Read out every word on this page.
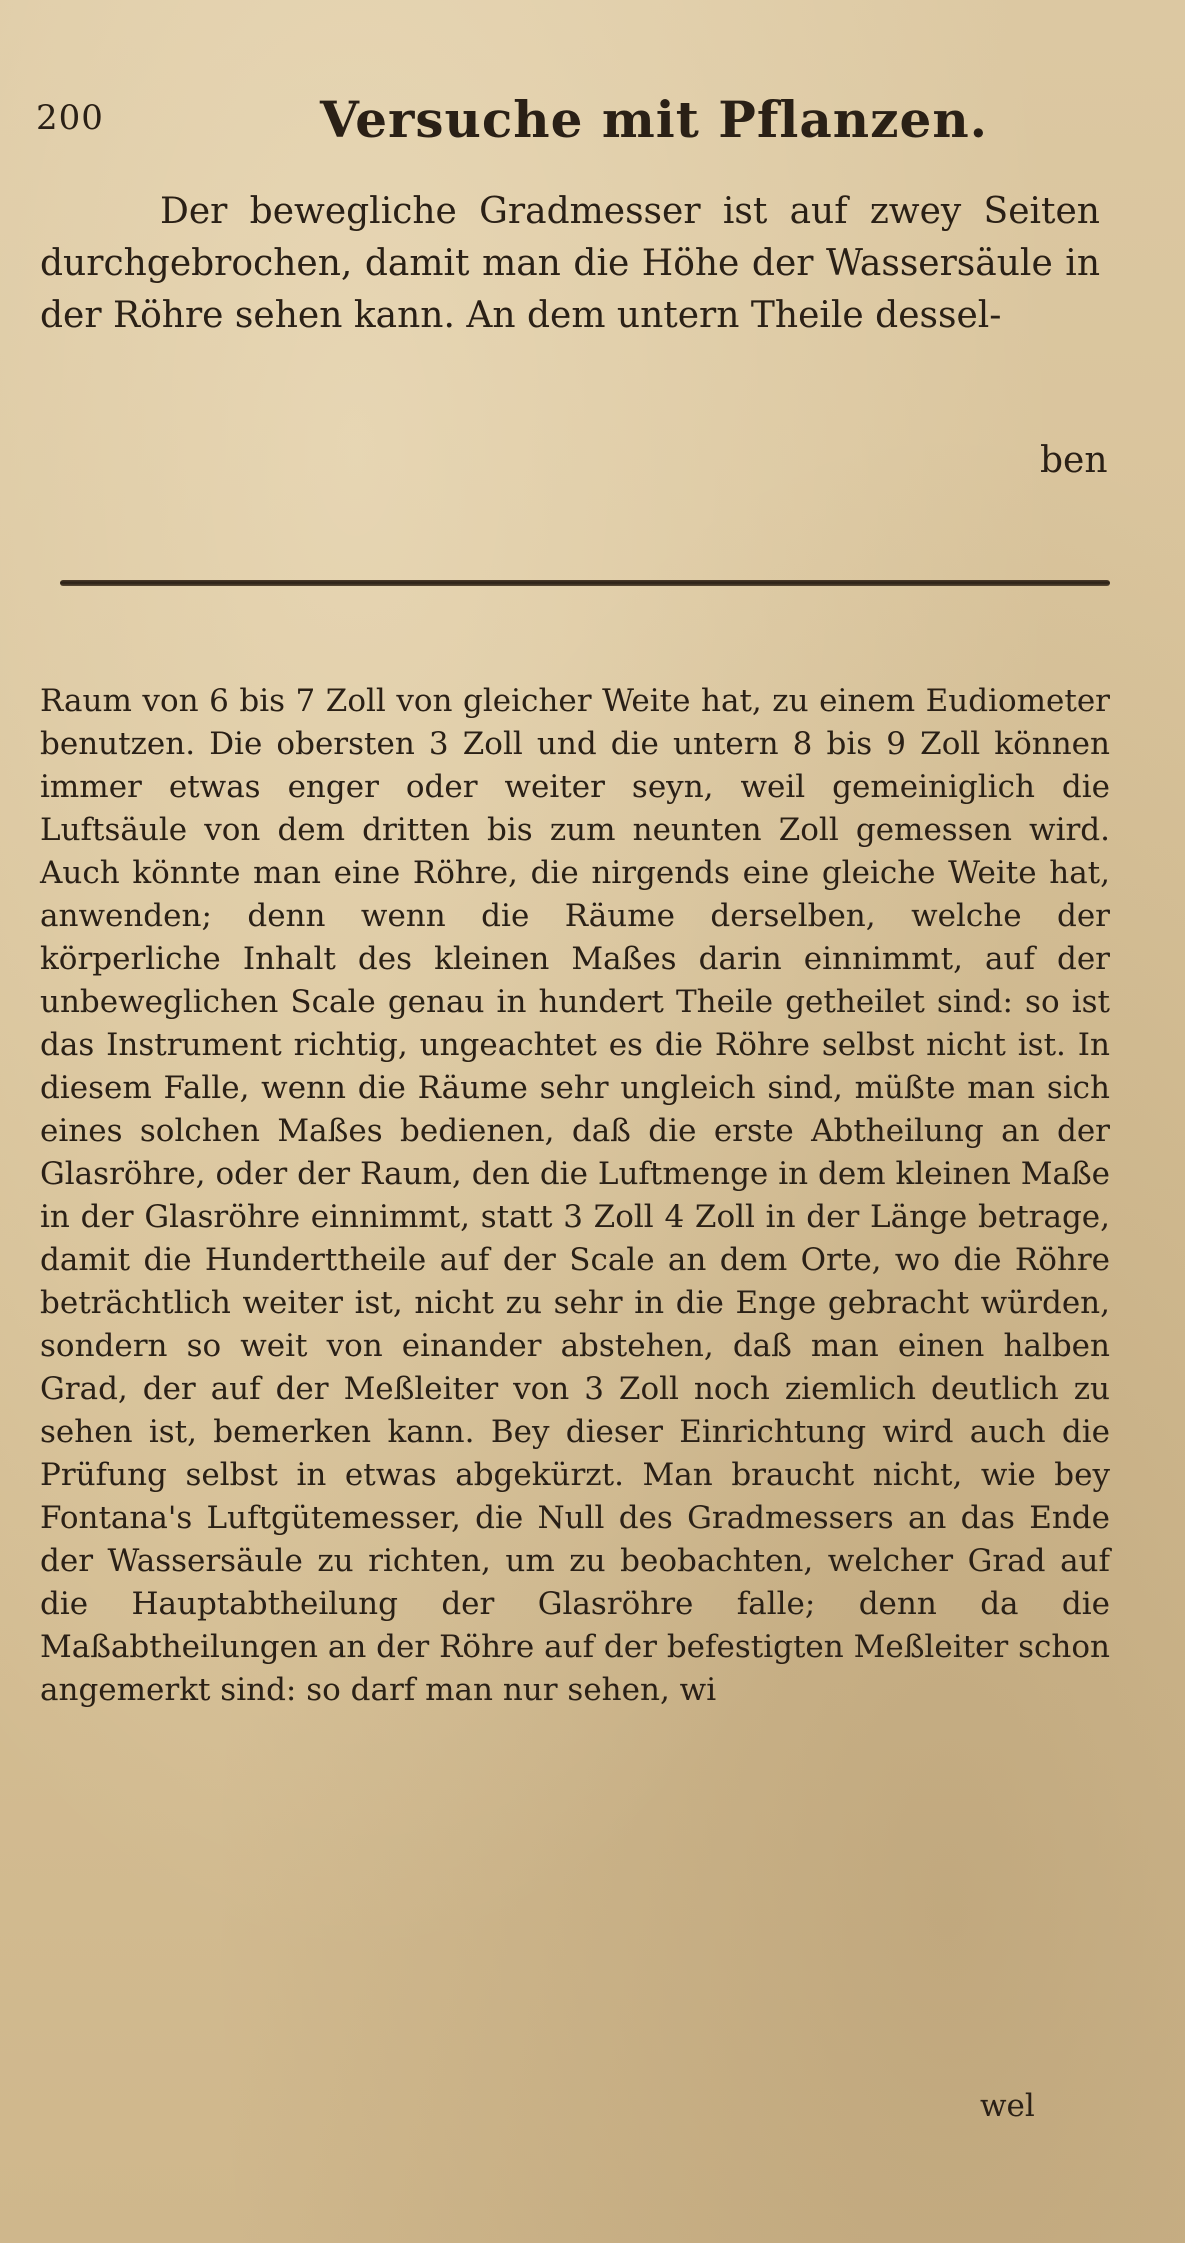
200	Versuche mit Pflanzen.
Der bewegliche Gradmesser ist auf zwey Seiten durchgebrochen, damit man die Höhe der Wassersäule in der Röhre sehen kann. An dem untern Theile dessel-
ben
Raum von 6 bis 7 Zoll von gleicher Weite hat, zu einem Eudiometer benutzen. Die obersten 3 Zoll und die untern 8 bis 9 Zoll können immer etwas enger oder weiter seyn, weil gemeiniglich die Luftsäule von dem dritten bis zum neunten Zoll gemessen wird. Auch könnte man eine Röhre, die nirgends eine gleiche Weite hat, anwenden; denn wenn die Räume derselben, welche der körperliche Inhalt des kleinen Maßes darin einnimmt, auf der unbeweglichen Scale genau in hundert Theile getheilet sind: so ist das Instrument richtig, ungeachtet es die Röhre selbst nicht ist. In diesem Falle, wenn die Räume sehr ungleich sind, müßte man sich eines solchen Maßes bedienen, daß die erste Abtheilung an der Glasröhre, oder der Raum, den die Luftmenge in dem kleinen Maße in der Glasröhre einnimmt, statt 3 Zoll 4 Zoll in der Länge betrage, damit die Hunderttheile auf der Scale an dem Orte, wo die Röhre beträchtlich weiter ist, nicht zu sehr in die Enge gebracht würden, sondern so weit von einander abstehen, daß man einen halben Grad, der auf der Meßleiter von 3 Zoll noch ziemlich deutlich zu sehen ist, bemerken kann. Bey dieser Einrichtung wird auch die Prüfung selbst in etwas abgekürzt. Man braucht nicht, wie bey Fontana's Luftgütemesser, die Null des Gradmessers an das Ende der Wassersäule zu richten, um zu beobachten, welcher Grad auf die Hauptabtheilung der Glasröhre falle; denn da die Maßabtheilungen an der Röhre auf der befestigten Meßleiter schon angemerkt sind: so darf man nur sehen, wi
wel
